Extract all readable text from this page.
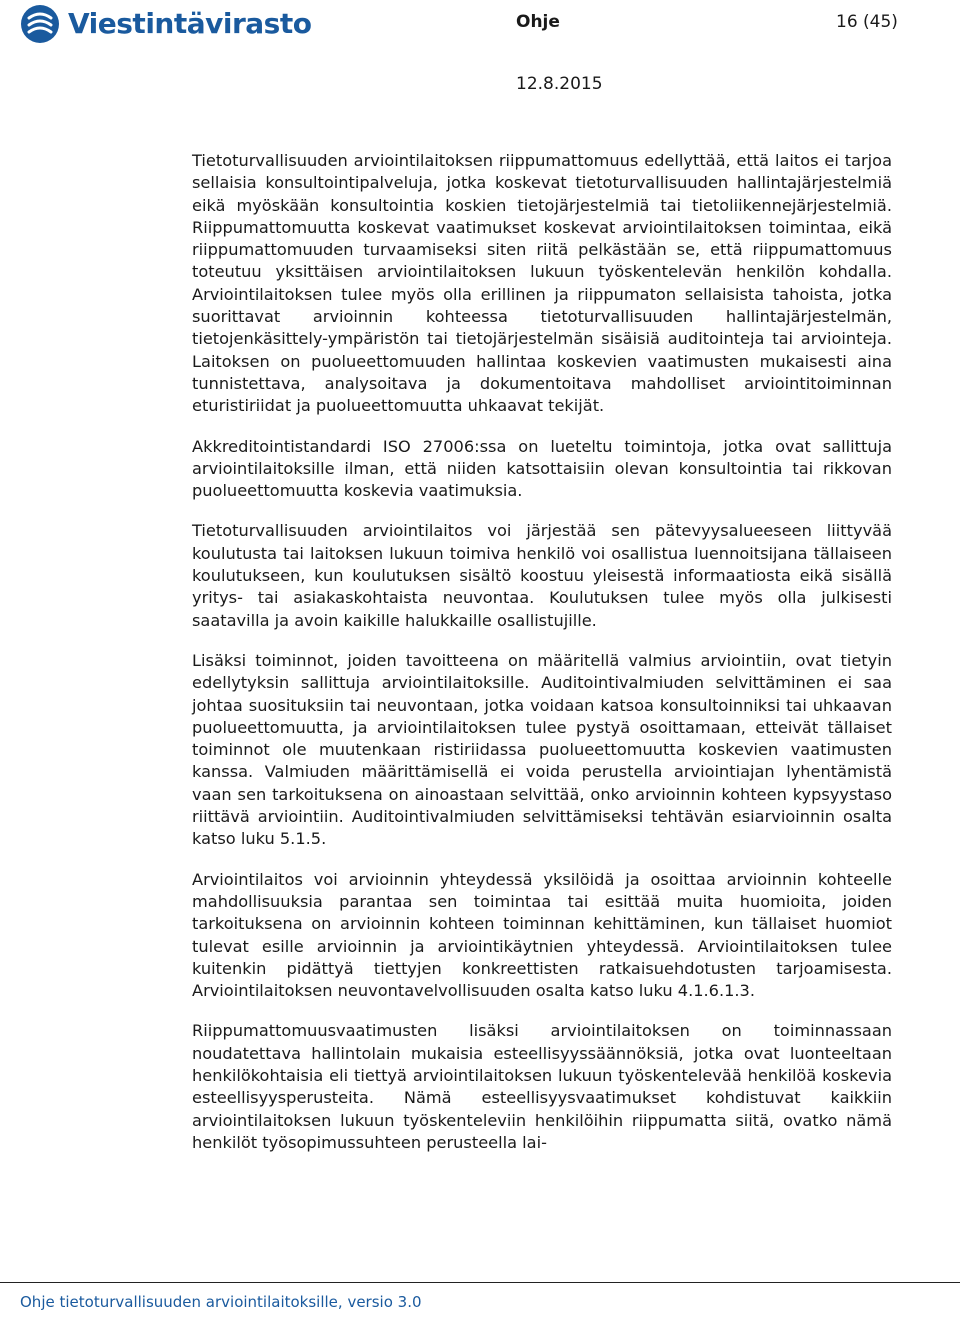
Viestintävirasto	Ohje	16 (45)
12.8.2015

Tietoturvallisuuden arviointilaitoksen riippumattomuus edellyttää, että laitos ei tarjoa sellaisia konsultointipalveluja, jotka koskevat tietoturvallisuuden hallintajärjestelmiä eikä myöskään konsultointia koskien tietojärjestelmiä tai tietoliikennejärjestelmiä. Riippumattomuutta koskevat vaatimukset koskevat arviointilaitoksen toimintaa, eikä riippumattomuuden turvaamiseksi siten riitä pelkästään se, että riippumattomuus toteutuu yksittäisen arviointilaitoksen lukuun työskentelevän henkilön kohdalla. Arviointilaitoksen tulee myös olla erillinen ja riippumaton sellaisista tahoista, jotka suorittavat arvioinnin kohteessa tietoturvallisuuden hallintajärjestelmän, tietojenkäsittely-ympäristön tai tietojärjestelmän sisäisiä auditointeja tai arviointeja. Laitoksen on puolueettomuuden hallintaa koskevien vaatimusten mukaisesti aina tunnistettava, analysoitava ja dokumentoitava mahdolliset arviointitoiminnan eturistiriidat ja puolueettomuutta uhkaavat tekijät.

Akkreditointistandardi ISO 27006:ssa on lueteltu toimintoja, jotka ovat sallittuja arviointilaitoksille ilman, että niiden katsottaisiin olevan konsultointia tai rikkovan puolueettomuutta koskevia vaatimuksia.

Tietoturvallisuuden arviointilaitos voi järjestää sen pätevyysalueeseen liittyvää koulutusta tai laitoksen lukuun toimiva henkilö voi osallistua luennoitsijana tällaiseen koulutukseen, kun koulutuksen sisältö koostuu yleisestä informaatiosta eikä sisällä yritys- tai asiakaskohtaista neuvontaa. Koulutuksen tulee myös olla julkisesti saatavilla ja avoin kaikille halukkaille osallistujille.

Lisäksi toiminnot, joiden tavoitteena on määritellä valmius arviointiin, ovat tietyin edellytyksin sallittuja arviointilaitoksille. Auditointivalmiuden selvittäminen ei saa johtaa suosituksiin tai neuvontaan, jotka voidaan katsoa konsultoinniksi tai uhkaavan puolueettomuutta, ja arviointilaitoksen tulee pystyä osoittamaan, etteivät tällaiset toiminnot ole muutenkaan ristiriidassa puolueettomuutta koskevien vaatimusten kanssa. Valmiuden määrittämisellä ei voida perustella arviointiajan lyhentämistä vaan sen tarkoituksena on ainoastaan selvittää, onko arvioinnin kohteen kypsyystaso riittävä arviointiin. Auditointivalmiuden selvittämiseksi tehtävän esiarvioinnin osalta katso luku 5.1.5.

Arviointilaitos voi arvioinnin yhteydessä yksilöidä ja osoittaa arvioinnin kohteelle mahdollisuuksia parantaa sen toimintaa tai esittää muita huomioita, joiden tarkoituksena on arvioinnin kohteen toiminnan kehittäminen, kun tällaiset huomiot tulevat esille arvioinnin ja arviointikäytnien yhteydessä. Arviointilaitoksen tulee kuitenkin pidättyä tiettyjen konkreettisten ratkaisuehdotusten tarjoamisesta. Arviointilaitoksen neuvontavelvollisuuden osalta katso luku 4.1.6.1.3.

Riippumattomuusvaatimusten lisäksi arviointilaitoksen on toiminnassaan noudatettava hallintolain mukaisia esteellisyyssäännöksiä, jotka ovat luonteeltaan henkilökohtaisia eli tiettyä arviointilaitoksen lukuun työskentelevää henkilöä koskevia esteellisyysperusteita. Nämä esteellisyysvaatimukset kohdistuvat kaikkiin arviointilaitoksen lukuun työskenteleviin henkilöihin riippumatta siitä, ovatko nämä henkilöt työsopimussuhteen perusteella lai-

Ohje tietoturvallisuuden arviointilaitoksille, versio 3.0
